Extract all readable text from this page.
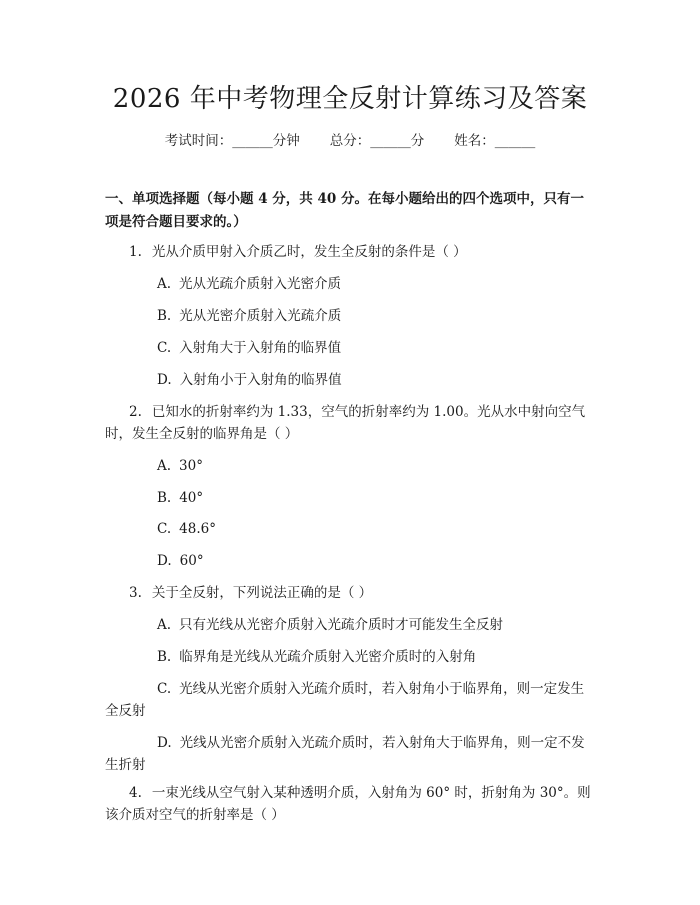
2026 年中考物理全反射计算练习及答案
考试时间：______分钟 总分：______分 姓名：______

一、单项选择题（每小题 4 分，共 40 分。在每小题给出的四个选项中，只有一项是符合题目要求的。）

1. 光从介质甲射入介质乙时，发生全反射的条件是（ ）

A. 光从光疏介质射入光密介质

B. 光从光密介质射入光疏介质

C. 入射角大于入射角的临界值

D. 入射角小于入射角的临界值

2. 已知水的折射率约为 1.33，空气的折射率约为 1.00。光从水中射向空气时，发生全反射的临界角是（ ）

A. 30°

B. 40°

C. 48.6°

D. 60°

3. 关于全反射，下列说法正确的是（ ）

A. 只有光线从光密介质射入光疏介质时才可能发生全反射

B. 临界角是光线从光疏介质射入光密介质时的入射角

C. 光线从光密介质射入光疏介质时，若入射角小于临界角，则一定发生全反射

D. 光线从光密介质射入光疏介质时，若入射角大于临界角，则一定不发生折射

4. 一束光线从空气射入某种透明介质，入射角为 60° 时，折射角为 30°。则该介质对空气的折射率是（ ）
